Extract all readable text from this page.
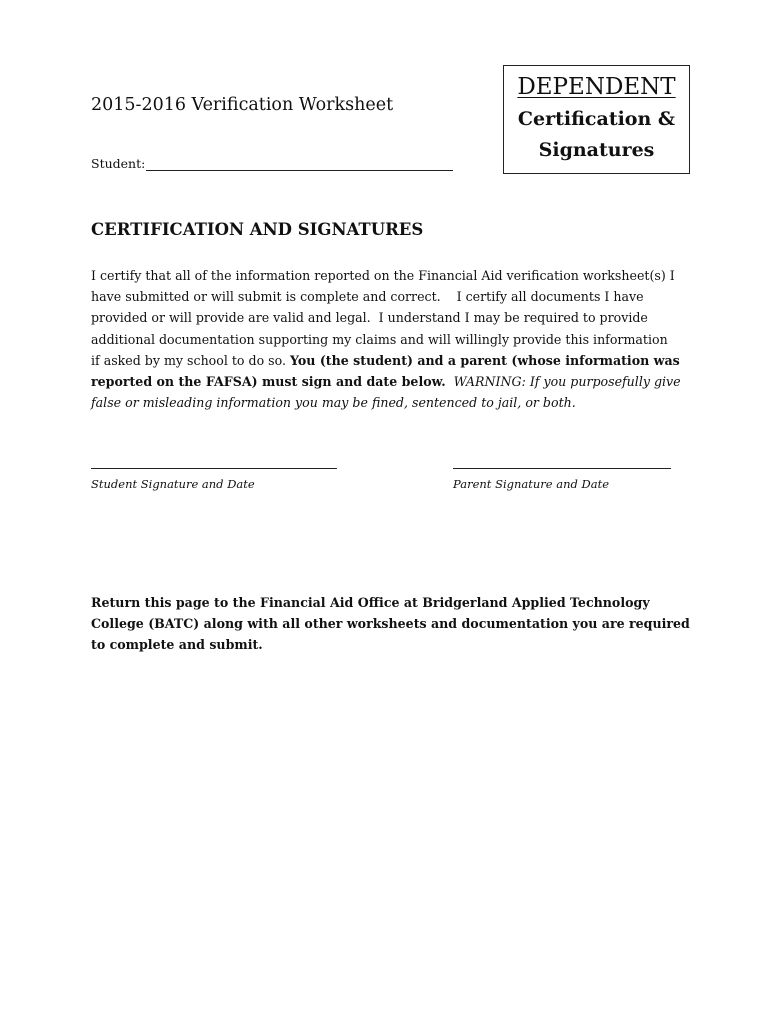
2015-2016 Verification Worksheet
Student:
DEPENDENT
Certification &
Signatures
CERTIFICATION AND SIGNATURES
I certify that all of the information reported on the Financial Aid verification worksheet(s) I
have submitted or will submit is complete and correct.    I certify all documents I have
provided or will provide are valid and legal.  I understand I may be required to provide
additional documentation supporting my claims and will willingly provide this information
if asked by my school to do so. You (the student) and a parent (whose information was
reported on the FAFSA) must sign and date below. WARNING: If you purposefully give
false or misleading information you may be fined, sentenced to jail, or both.
Student Signature and Date	Parent Signature and Date
Return this page to the Financial Aid Office at Bridgerland Applied Technology
College (BATC) along with all other worksheets and documentation you are required
to complete and submit.
